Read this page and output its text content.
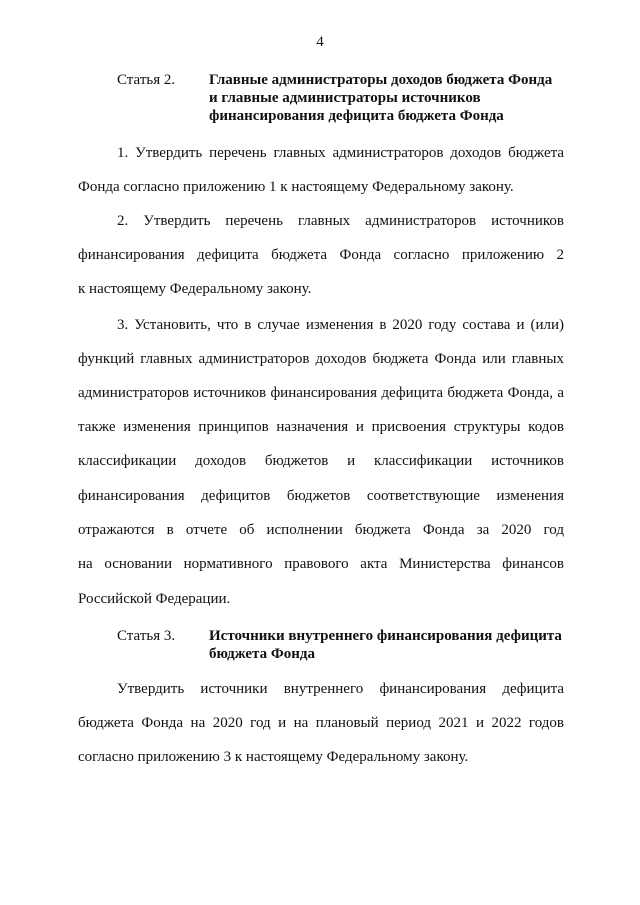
4
Статья 2. Главные администраторы доходов бюджета Фонда
и главные администраторы источников
финансирования дефицита бюджета Фонда
1. Утвердить перечень главных администраторов доходов бюджета
Фонда согласно приложению 1 к настоящему Федеральному закону.
2. Утвердить перечень главных администраторов источников
финансирования дефицита бюджета Фонда согласно приложению 2
к настоящему Федеральному закону.
3. Установить, что в случае изменения в 2020 году состава и (или)
функций главных администраторов доходов бюджета Фонда или главных
администраторов источников финансирования дефицита бюджета Фонда, а
также изменения принципов назначения и присвоения структуры кодов
классификации доходов бюджетов и классификации источников
финансирования дефицитов бюджетов соответствующие изменения
отражаются в отчете об исполнении бюджета Фонда за 2020 год
на основании нормативного правового акта Министерства финансов
Российской Федерации.
Статья 3. Источники внутреннего финансирования дефицита
бюджета Фонда
Утвердить источники внутреннего финансирования дефицита
бюджета Фонда на 2020 год и на плановый период 2021 и 2022 годов
согласно приложению 3 к настоящему Федеральному закону.
